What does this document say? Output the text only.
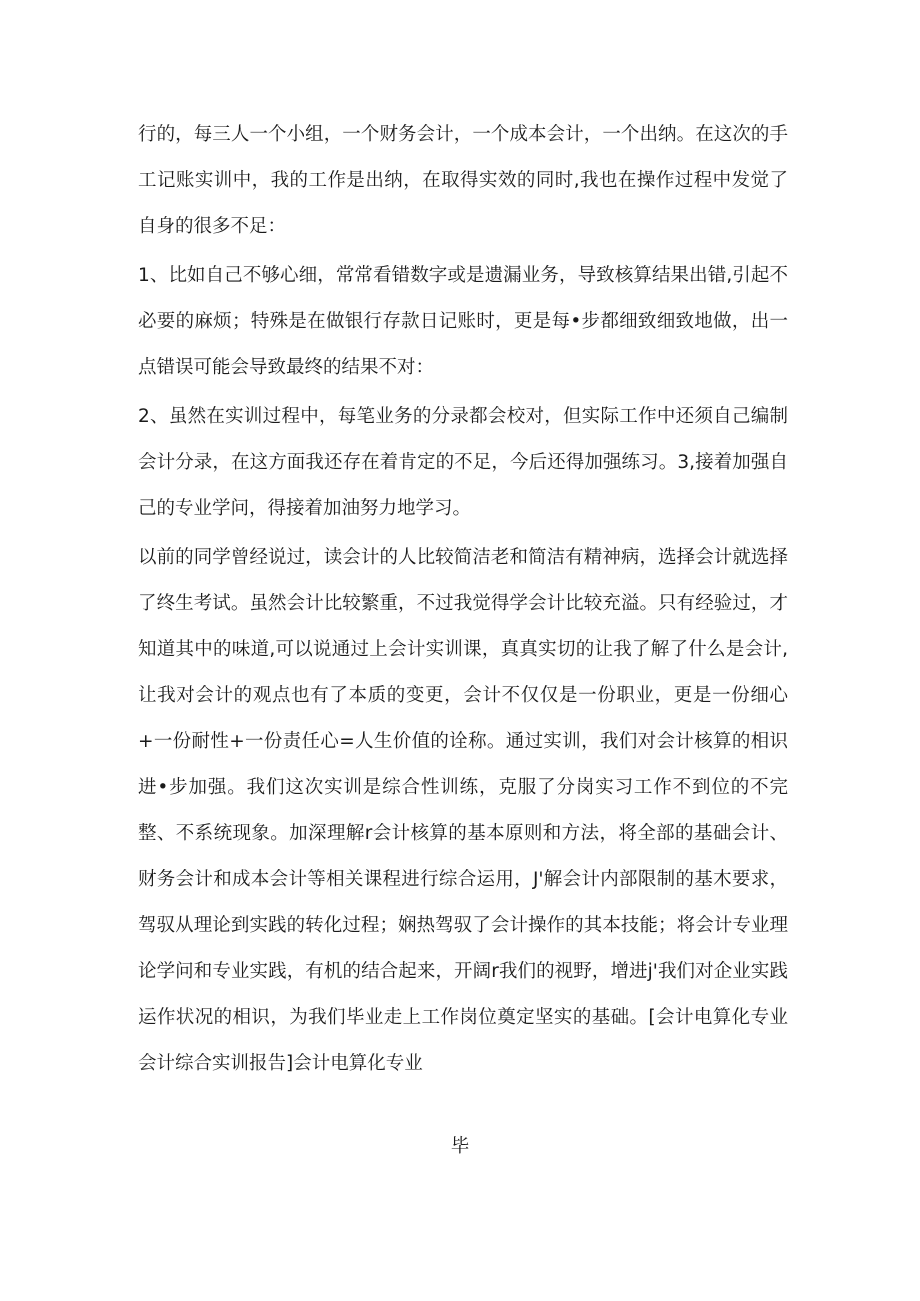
行的，每三人一个小组，一个财务会计，一个成本会计，一个出纳。在这次的手工记账实训中，我的工作是出纳，在取得实效的同时,我也在操作过程中发觉了自身的很多不足：

1、比如自己不够心细，常常看错数字或是遗漏业务，导致核算结果出错,引起不必要的麻烦；特殊是在做银行存款日记账时，更是每•步都细致细致地做，出一点错误可能会导致最终的结果不对：

2、虽然在实训过程中，每笔业务的分录都会校对，但实际工作中还须自己编制会计分录，在这方面我还存在着肯定的不足，今后还得加强练习。3,接着加强自己的专业学问，得接着加油努力地学习。

以前的同学曾经说过，读会计的人比较简洁老和简洁有精神病，选择会计就选择了终生考试。虽然会计比较繁重，不过我觉得学会计比较充溢。只有经验过，才知道其中的味道,可以说通过上会计实训课，真真实切的让我了解了什么是会计,让我对会计的观点也有了本质的变更，会计不仅仅是一份职业，更是一份细心+一份耐性+一份责任心=人生价值的诠称。通过实训，我们对会计核算的相识进•步加强。我们这次实训是综合性训练，克服了分岗实习工作不到位的不完整、不系统现象。加深理解r会计核算的基本原则和方法，将全部的基础会计、财务会计和成本会计等相关课程进行综合运用，J'解会计内部限制的基木要求，驾驭从理论到实践的转化过程；娴热驾驭了会计操作的其本技能；将会计专业理论学问和专业实践，有机的结合起来，开阔r我们的视野，增进j'我们对企业实践运作状况的相识，为我们毕业走上工作岗位奠定坚实的基础。[会计电算化专业会计综合实训报告]会计电算化专业

毕
